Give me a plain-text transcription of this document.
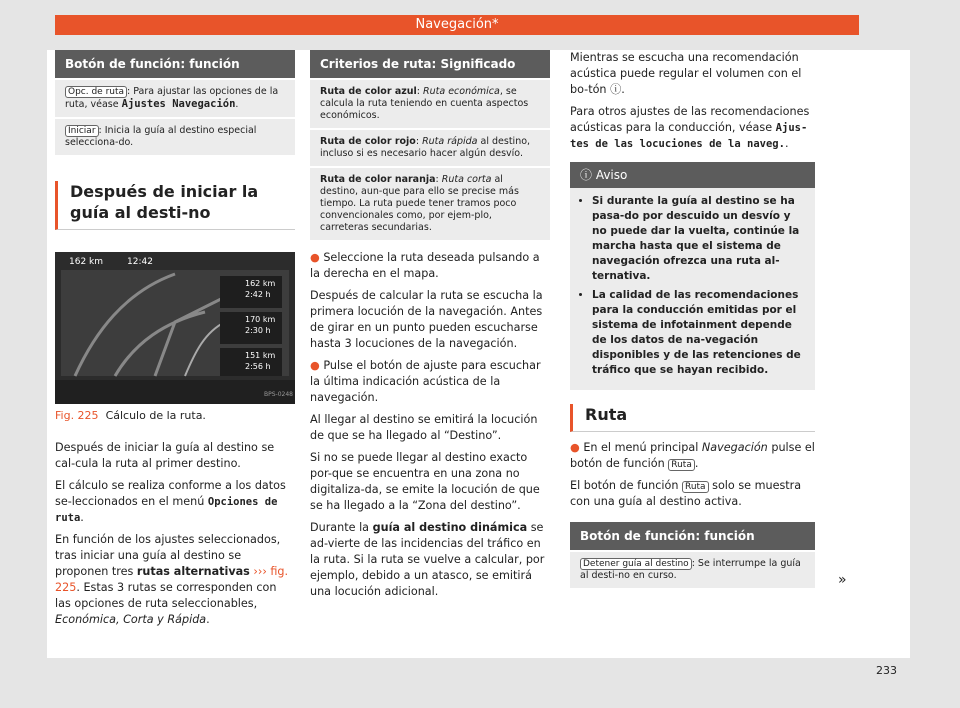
Navegación*
Botón de función: función
Opc. de ruta : Para ajustar las opciones de la ruta, véase Ajustes Navegación.
Iniciar : Inicia la guía al destino especial selecciona-do.
Después de iniciar la guía al desti-no
162 km	12:42
162 km
2:42 h
170 km
2:30 h
151 km
2:56 h
BPS-0248
Fig. 225 Cálculo de la ruta.

Después de iniciar la guía al destino se cal-cula la ruta al primer destino.

El cálculo se realiza conforme a los datos se-leccionados en el menú Opciones de ruta.

En función de los ajustes seleccionados, tras iniciar una guía al destino se proponen tres rutas alternativas ››› fig. 225. Estas 3 rutas se corresponden con las opciones de ruta seleccionables, Económica, Corta y Rápida.

Criterios de ruta: Significado
Ruta de color azul: Ruta económica, se calcula la ruta teniendo en cuenta aspectos económicos.
Ruta de color rojo: Ruta rápida al destino, incluso si es necesario hacer algún desvío.
Ruta de color naranja: Ruta corta al destino, aun-que para ello se precise más tiempo. La ruta puede tener tramos poco convencionales como, por ejem-plo, carreteras secundarias.

● Seleccione la ruta deseada pulsando a la derecha en el mapa.

Después de calcular la ruta se escucha la primera locución de la navegación. Antes de girar en un punto pueden escucharse hasta 3 locuciones de la navegación.

● Pulse el botón de ajuste para escuchar la última indicación acústica de la navegación.

Al llegar al destino se emitirá la locución de que se ha llegado al “Destino”.

Si no se puede llegar al destino exacto por-que se encuentra en una zona no digitaliza-da, se emite la locución de que se ha llegado a la “Zona del destino”.

Durante la guía al destino dinámica se ad-vierte de las incidencias del tráfico en la ruta. Si la ruta se vuelve a calcular, por ejemplo, debido a un atasco, se emitirá una locución adicional.

Mientras se escucha una recomendación acústica puede regular el volumen con el bo-tón ⓘ.

Para otros ajustes de las recomendaciones acústicas para la conducción, véase Ajus-tes de las locuciones de la naveg..

ⓘ Aviso
• Si durante la guía al destino se ha pasa-do por descuido un desvío y no puede dar la vuelta, continúe la marcha hasta que el sistema de navegación ofrezca una ruta al-ternativa.
• La calidad de las recomendaciones para la conducción emitidas por el sistema de infotainment depende de los datos de na-vegación disponibles y de las retenciones de tráfico que se hayan recibido.
Ruta

● En el menú principal Navegación pulse el botón de función Ruta .

El botón de función Ruta solo se muestra con una guía al destino activa.

Botón de función: función
Detener guía al destino : Se interrumpe la guía al desti-no en curso.	»
233
